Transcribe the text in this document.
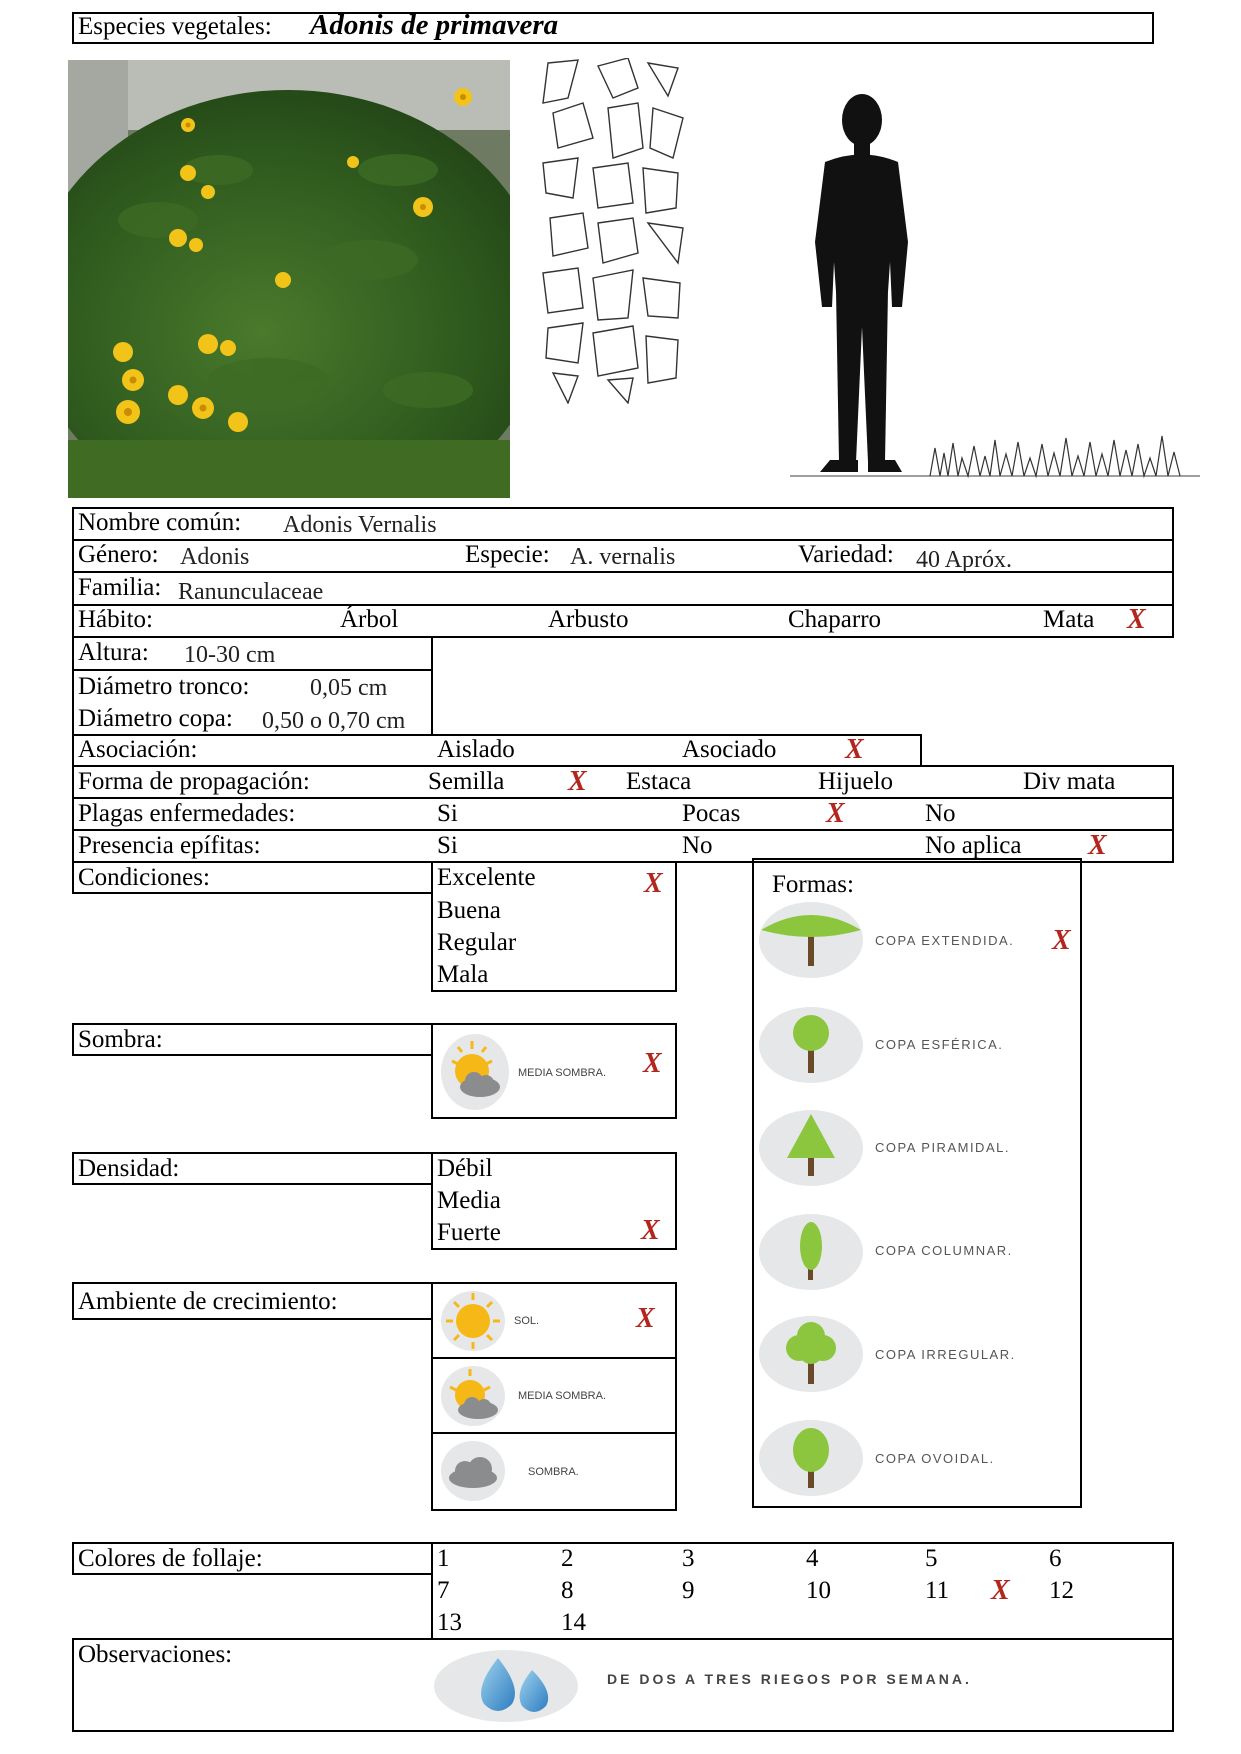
Especies vegetales: Adonis de primavera
Nombre común: Adonis Vernalis
Género: Adonis	Especie: A. vernalis	Variedad: 40 Apróx.
Familia: Ranunculaceae
Hábito:	Árbol	Arbusto	Chaparro	Mata X
Altura: 10-30 cm
Diámetro tronco:	0,05 cm
Diámetro copa: 0,50 o 0,70 cm
Asociación:	Aislado	Asociado X
Forma de propagación:	Semilla X Estaca	Hijuelo	Div mata
Plagas enfermedades:	Si	Pocas	X	No
Presencia epífitas:	Si	No	No aplica X
Condiciones:	Excelente	X
Buena
Regular
Mala
Sombra:
MEDIA SOMBRA. X
Densidad:	Débil
Media
Fuerte	X
Ambiente de crecimiento:
SOL.	X
MEDIA SOMBRA.
SOMBRA.
Formas:
COPA EXTENDIDA. X
COPA ESFÉRICA.
COPA PIRAMIDAL.
COPA COLUMNAR.
COPA IRREGULAR.
COPA OVOIDAL.
Colores de follaje:	1	2	3	4	5	6
7	8	9	10	11 X 12
13	14
Observaciones:
DE DOS A TRES RIEGOS POR SEMANA.
